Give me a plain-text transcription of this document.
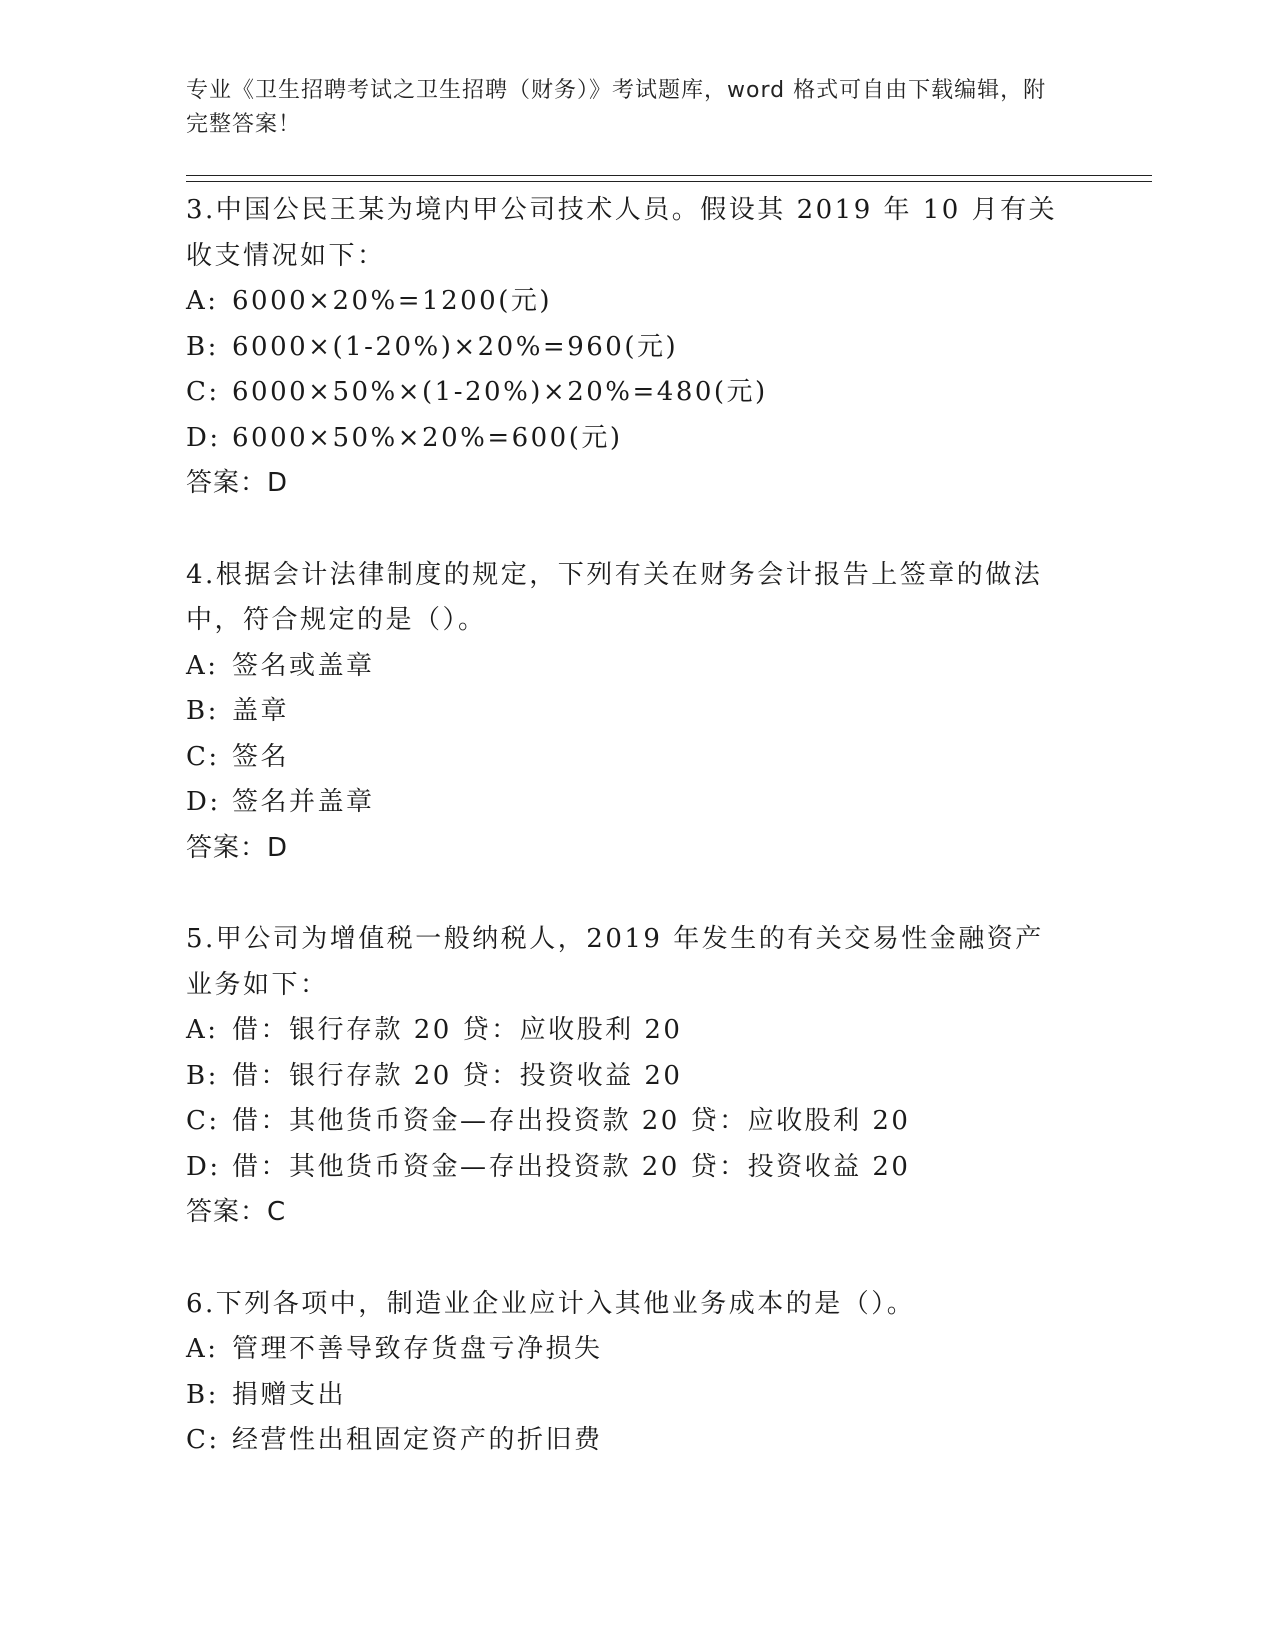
专业《卫生招聘考试之卫生招聘（财务）》考试题库，word 格式可自由下载编辑，附完整答案！
3.中国公民王某为境内甲公司技术人员。假设其 2019 年 10 月有关收支情况如下：
A: 6000×20%=1200(元)
B: 6000×(1-20%)×20%=960(元)
C: 6000×50%×(1-20%)×20%=480(元)
D: 6000×50%×20%=600(元)
答案：D
4.根据会计法律制度的规定，下列有关在财务会计报告上签章的做法中，符合规定的是（）。
A: 签名或盖章
B: 盖章
C: 签名
D: 签名并盖章
答案：D
5.甲公司为增值税一般纳税人，2019 年发生的有关交易性金融资产业务如下：
A: 借：银行存款 20 贷：应收股利 20
B: 借：银行存款 20 贷：投资收益 20
C: 借：其他货币资金—存出投资款 20 贷：应收股利 20
D: 借：其他货币资金—存出投资款 20 贷：投资收益 20
答案：C
6.下列各项中，制造业企业应计入其他业务成本的是（）。
A: 管理不善导致存货盘亏净损失
B: 捐赠支出
C: 经营性出租固定资产的折旧费
